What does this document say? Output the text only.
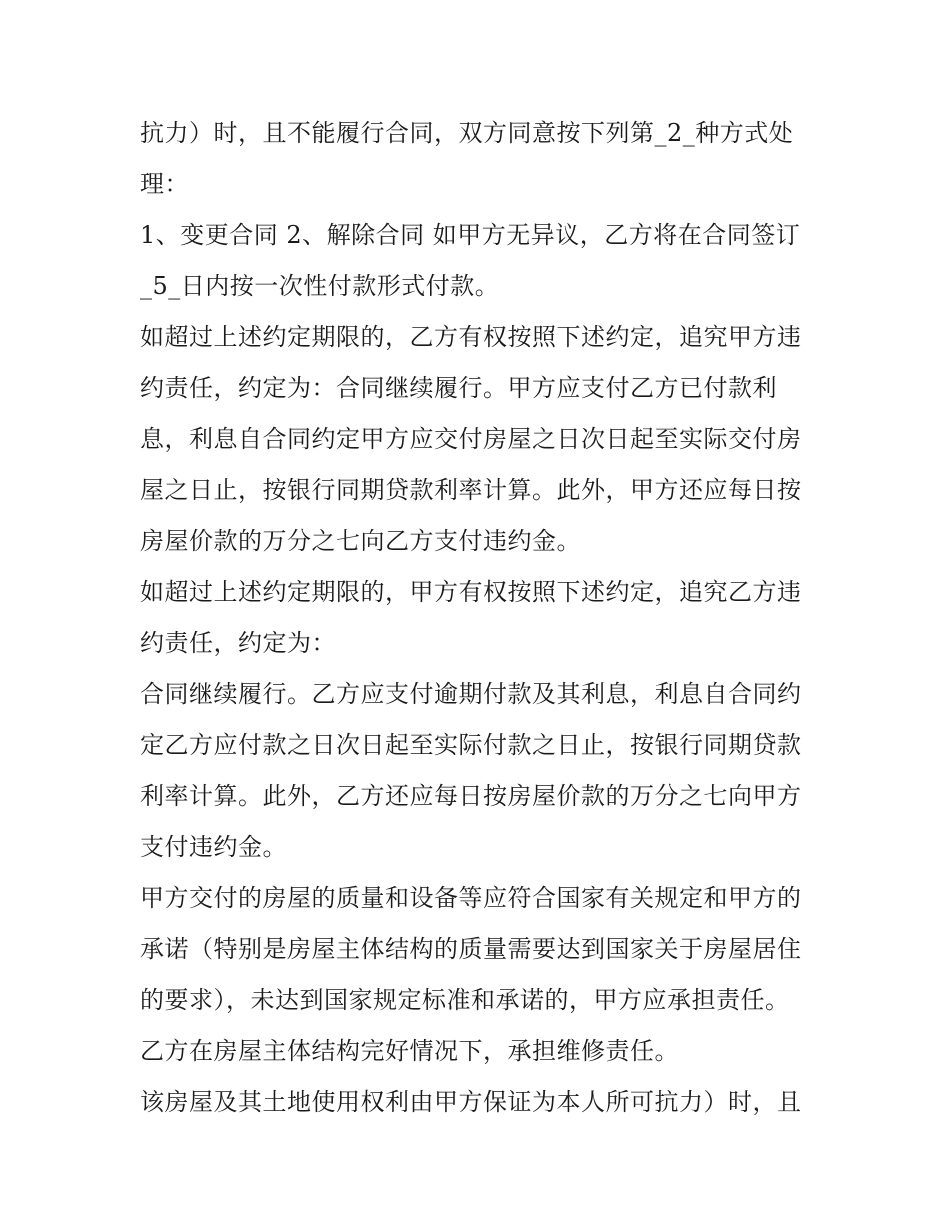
抗力）时，且不能履行合同，双方同意按下列第_2_种方式处
理：

1、变更合同 2、解除合同 如甲方无异议，乙方将在合同签订
_5_日内按一次性付款形式付款。

如超过上述约定期限的，乙方有权按照下述约定，追究甲方违
约责任，约定为：合同继续履行。甲方应支付乙方已付款利
息，利息自合同约定甲方应交付房屋之日次日起至实际交付房
屋之日止，按银行同期贷款利率计算。此外，甲方还应每日按
房屋价款的万分之七向乙方支付违约金。

如超过上述约定期限的，甲方有权按照下述约定，追究乙方违
约责任，约定为：

合同继续履行。乙方应支付逾期付款及其利息，利息自合同约
定乙方应付款之日次日起至实际付款之日止，按银行同期贷款
利率计算。此外，乙方还应每日按房屋价款的万分之七向甲方
支付违约金。

甲方交付的房屋的质量和设备等应符合国家有关规定和甲方的
承诺（特别是房屋主体结构的质量需要达到国家关于房屋居住
的要求），未达到国家规定标准和承诺的，甲方应承担责任。

乙方在房屋主体结构完好情况下，承担维修责任。

该房屋及其土地使用权利由甲方保证为本人所可抗力）时，且
